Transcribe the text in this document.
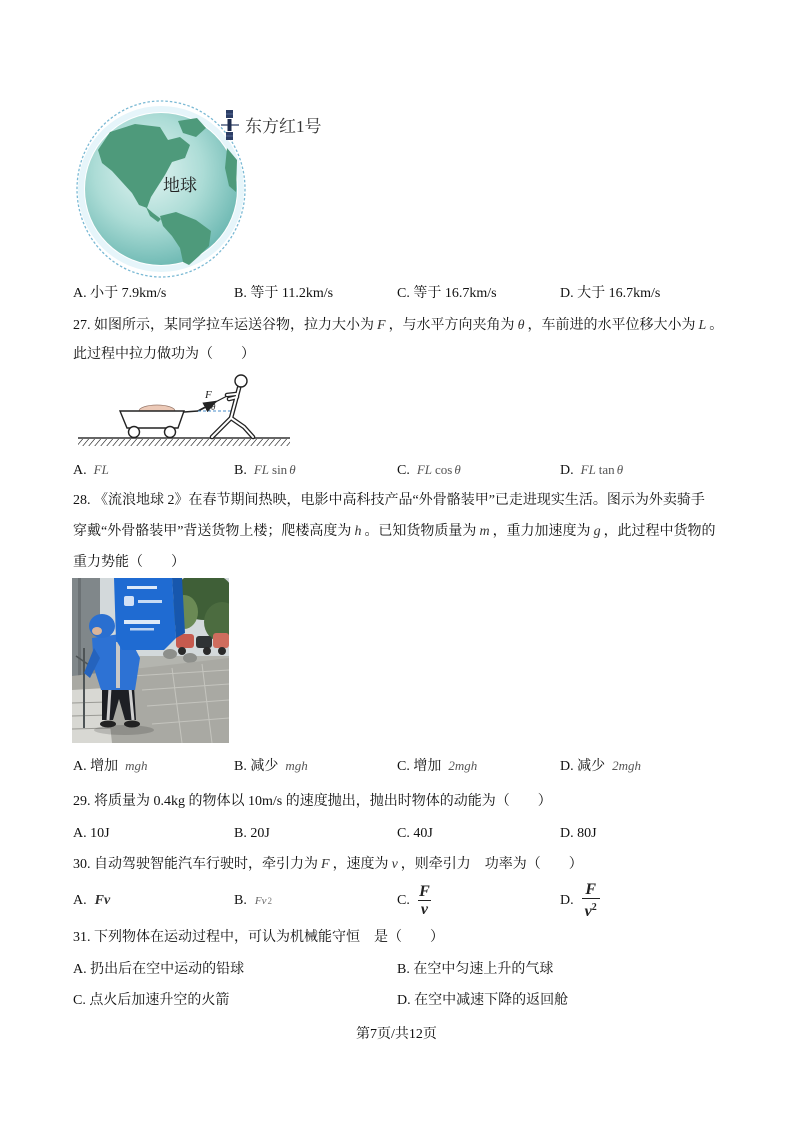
地球
东方红1号
A. 小于 7.9km/s	B. 等于 11.2km/s	C. 等于 16.7km/s	D. 大于 16.7km/s
27. 如图所示，某同学拉车运送谷物，拉力大小为 F ，与水平方向夹角为 θ ，车前进的水平位移大小为 L 。
此过程中拉力做功为（　　）
F
θ
A. FL	B. FL sin θ	C. FL cos θ	D. FL tan θ
28. 《流浪地球 2》在春节期间热映，电影中高科技产品“外骨骼装甲”已走进现实生活。图示为外卖骑手
穿戴“外骨骼装甲”背送货物上楼；爬楼高度为 h 。已知货物质量为 m ，重力加速度为 g ，此过程中货物的
重力势能（　　）
A. 增加 mgh	B. 减少 mgh	C. 增加 2mgh	D. 减少 2mgh
29. 将质量为 0.4kg 的物体以 10m/s 的速度抛出，抛出时物体的动能为（　　）
A. 10J	B. 20J	C. 40J	D. 80J
30. 自动驾驶智能汽车行驶时，牵引力为 F ，速度为 v ，则牵引力　功率为（　　）
A. Fv	B. Fv 2	C. $\frac{F}{v}$	D. $\frac{F}{v^2}$
31. 下列物体在运动过程中，可认为机械能守恒　是（　　）
A. 扔出后在空中运动的铅球	B. 在空中匀速上升的气球
C. 点火后加速升空的火箭	D. 在空中减速下降的返回舱
第7页/共12页
